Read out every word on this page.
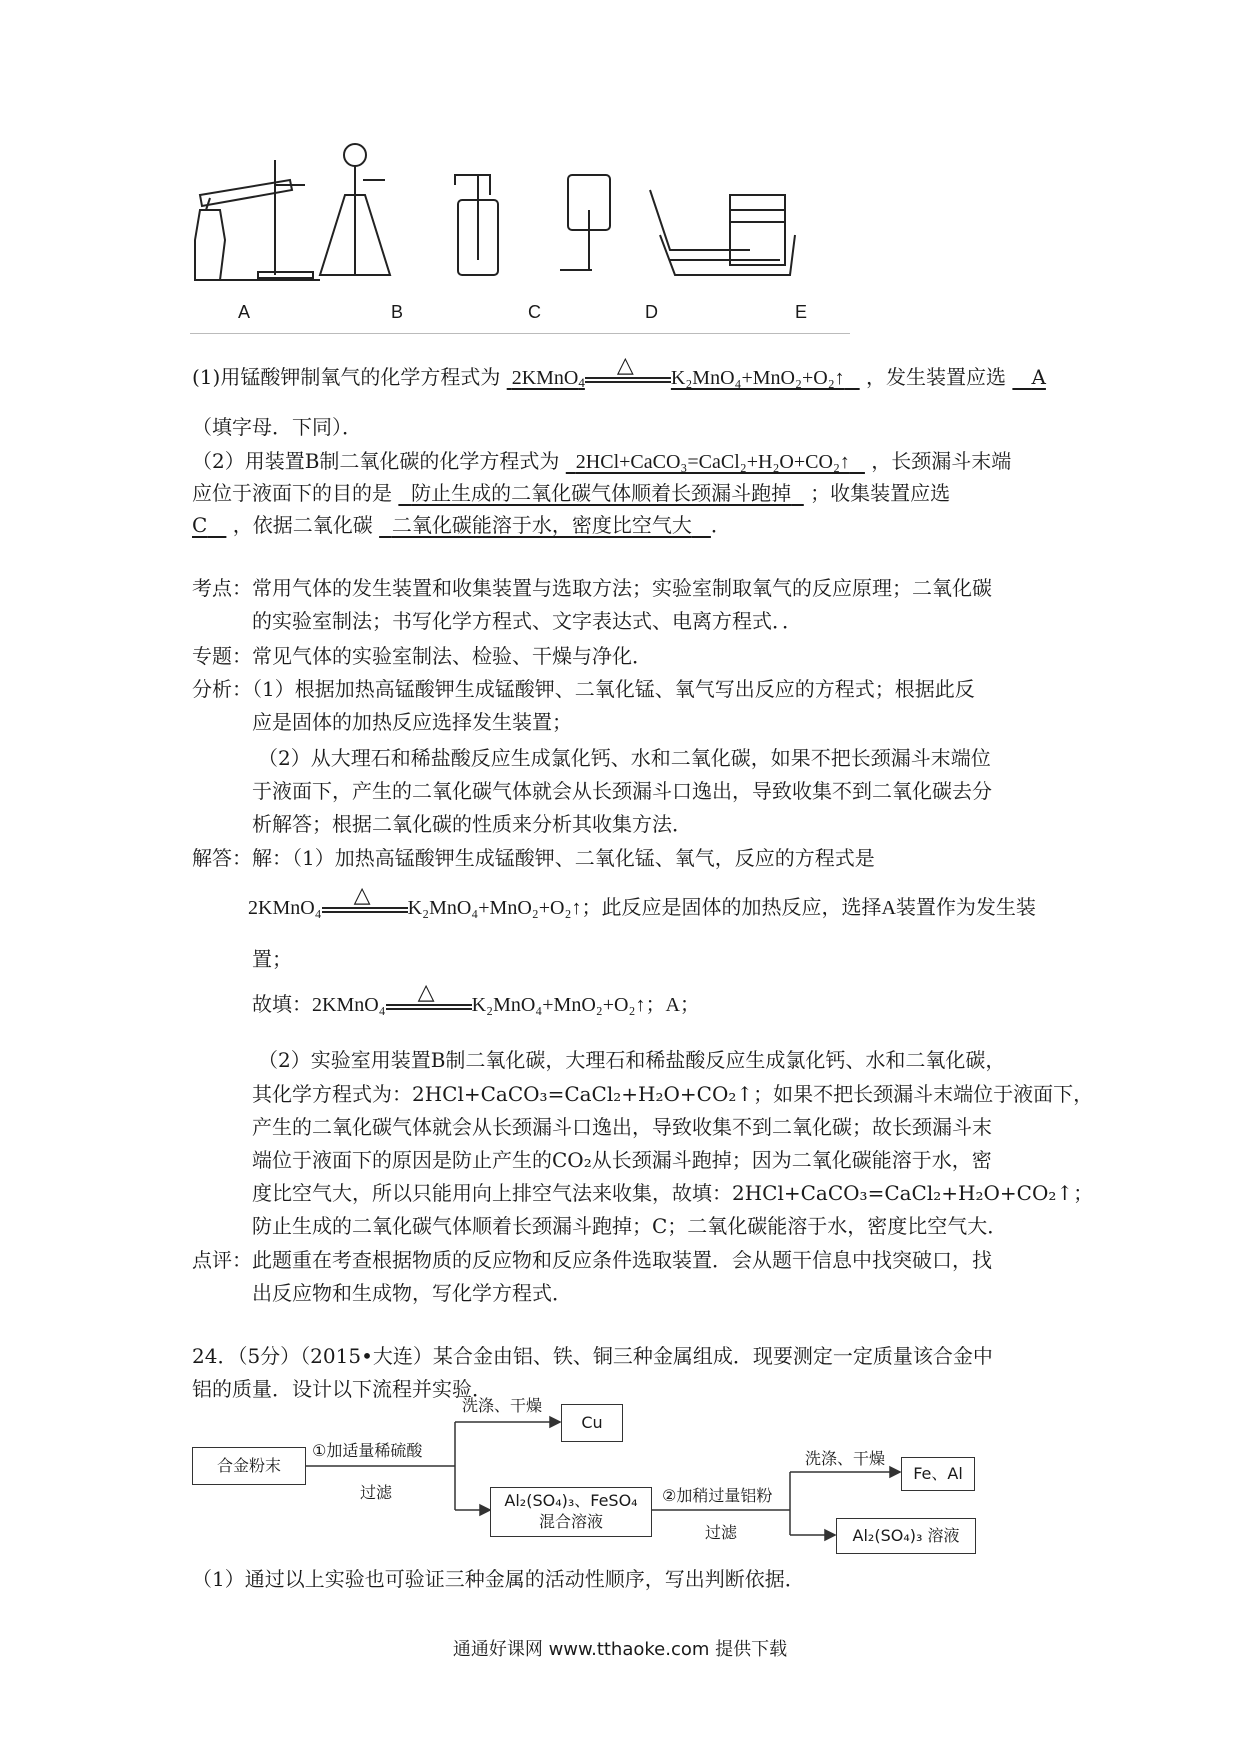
A	B	C	D	E
(1)用锰酸钾制氧气的化学方程式为 2KMnO$_4$
△
K₂MnO₄+MnO₂+O₂↑ ，发生装置应选 A
（填字母．下同）．
（2）用装置B制二氧化碳的化学方程式为 2HCl+CaCO₃=CaCl₂+H₂O+CO₂↑ ，长颈漏斗末端
应位于液面下的目的是 防止生成的二氧化碳气体顺着长颈漏斗跑掉 ；收集装置应选
C ，依据二氧化碳 二氧化碳能溶于水，密度比空气大 ．
考点：常用气体的发生装置和收集装置与选取方法；实验室制取氧气的反应原理；二氧化碳
的实验室制法；书写化学方程式、文字表达式、电离方程式．．
专题：常见气体的实验室制法、检验、干燥与净化．
分析：（1）根据加热高锰酸钾生成锰酸钾、二氧化锰、氧气写出反应的方程式；根据此反
应是固体的加热反应选择发生装置；
（2）从大理石和稀盐酸反应生成氯化钙、水和二氧化碳，如果不把长颈漏斗末端位
于液面下，产生的二氧化碳气体就会从长颈漏斗口逸出，导致收集不到二氧化碳去分
析解答；根据二氧化碳的性质来分析其收集方法．
解答：解：（1）加热高锰酸钾生成锰酸钾、二氧化锰、氧气，反应的方程式是
2KMnO₄
△
K₂MnO₄+MnO₂+O₂↑；此反应是固体的加热反应，选择A装置作为发生装
置；
故填：2KMnO₄
△
K₂MnO₄+MnO₂+O₂↑；A；
（2）实验室用装置B制二氧化碳，大理石和稀盐酸反应生成氯化钙、水和二氧化碳，
其化学方程式为：2HCl+CaCO₃=CaCl₂+H₂O+CO₂↑；如果不把长颈漏斗末端位于液面下，
产生的二氧化碳气体就会从长颈漏斗口逸出，导致收集不到二氧化碳；故长颈漏斗末
端位于液面下的原因是防止产生的CO₂从长颈漏斗跑掉；因为二氧化碳能溶于水，密
度比空气大，所以只能用向上排空气法来收集，故填：2HCl+CaCO₃=CaCl₂+H₂O+CO₂↑；
防止生成的二氧化碳气体顺着长颈漏斗跑掉；C；二氧化碳能溶于水，密度比空气大．
点评：此题重在考查根据物质的反应物和反应条件选取装置．会从题干信息中找突破口，找
出反应物和生成物，写化学方程式．
24．（5分）（2015•大连）某合金由铝、铁、铜三种金属组成．现要测定一定质量该合金中
铝的质量．设计以下流程并实验．
合金粉末
①加适量稀硫酸
过滤
洗涤、干燥
Cu
Al₂(SO₄)₃、FeSO₄
混合溶液
②加稍过量铝粉
过滤
洗涤、干燥
Fe、Al
Al₂(SO₄)₃ 溶液
（1）通过以上实验也可验证三种金属的活动性顺序，写出判断依据．
通通好课网 www.tthaoke.com 提供下载
